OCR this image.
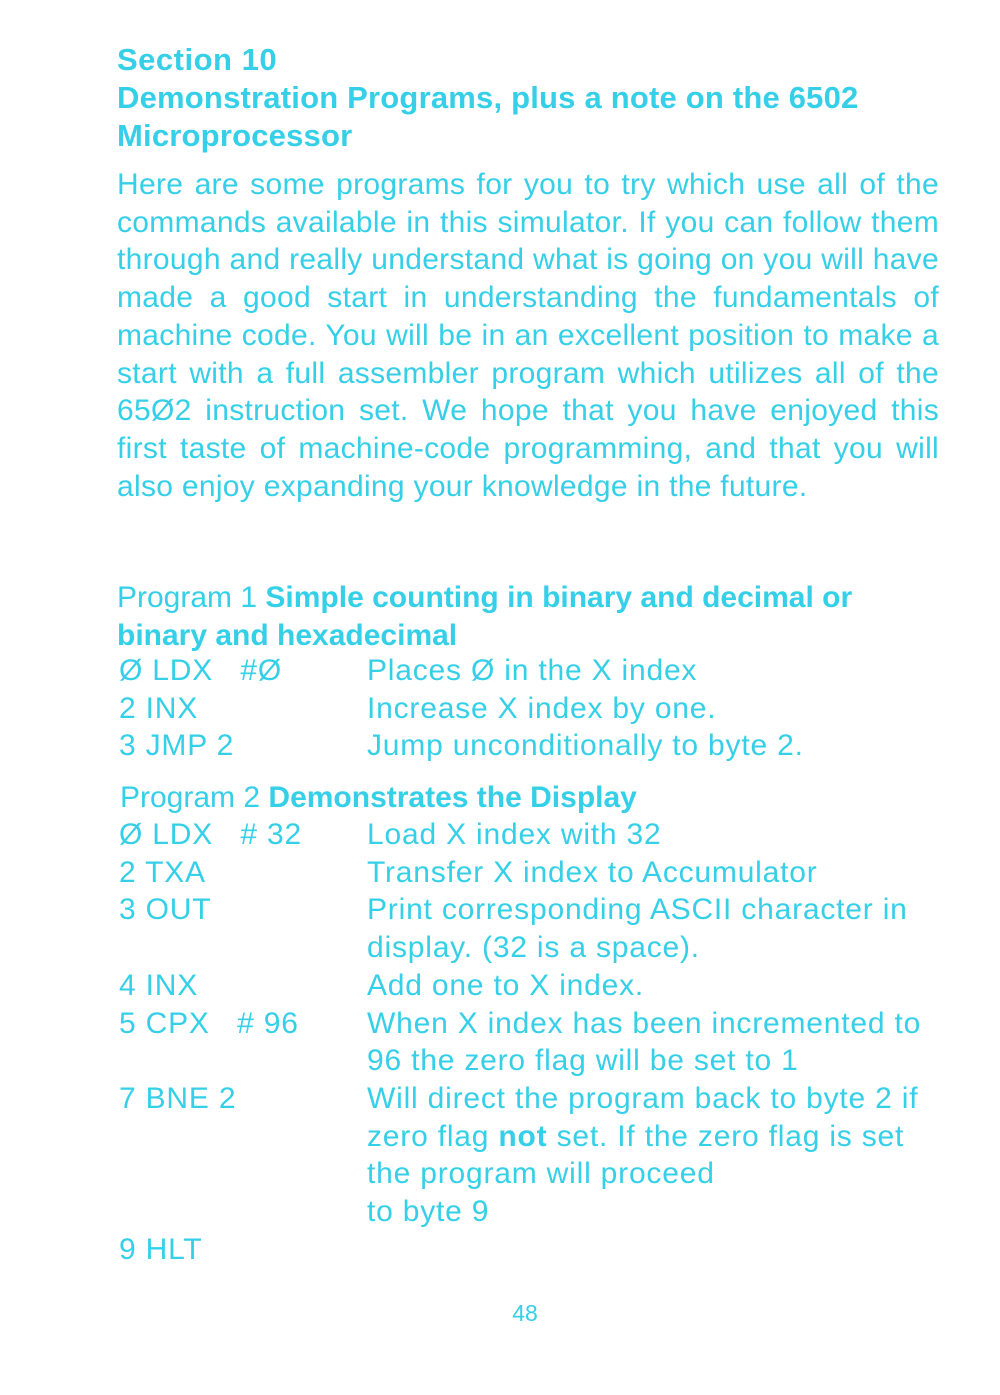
Section 10
Demonstration Programs, plus a note on the 6502 Microprocessor
Here are some programs for you to try which use all of the commands available in this simulator. If you can follow them through and really understand what is going on you will have made a good start in understanding the fundamentals of machine code. You will be in an excellent position to make a start with a full assembler program which utilizes all of the 65Ø2 instruction set. We hope that you have enjoyed this first taste of machine-code programming, and that you will also enjoy expanding your knowledge in the future.
Program 1 Simple counting in binary and decimal or binary and hexadecimal
Ø LDX   #Ø	Places Ø in the X index
2 INX	Increase X index by one.
3 JMP 2	Jump unconditionally to byte 2.
Program 2 Demonstrates the Display
Ø LDX   # 32	Load X index with 32
2 TXA	Transfer X index to Accumulator
3 OUT	Print corresponding ASCII character in display. (32 is a space).
4 INX	Add one to X index.
5 CPX   # 96	When X index has been incremented to 96 the zero flag will be set to 1
7 BNE 2	Will direct the program back to byte 2 if zero flag not set. If the zero flag is set the program will proceed
to byte 9
9 HLT
48
